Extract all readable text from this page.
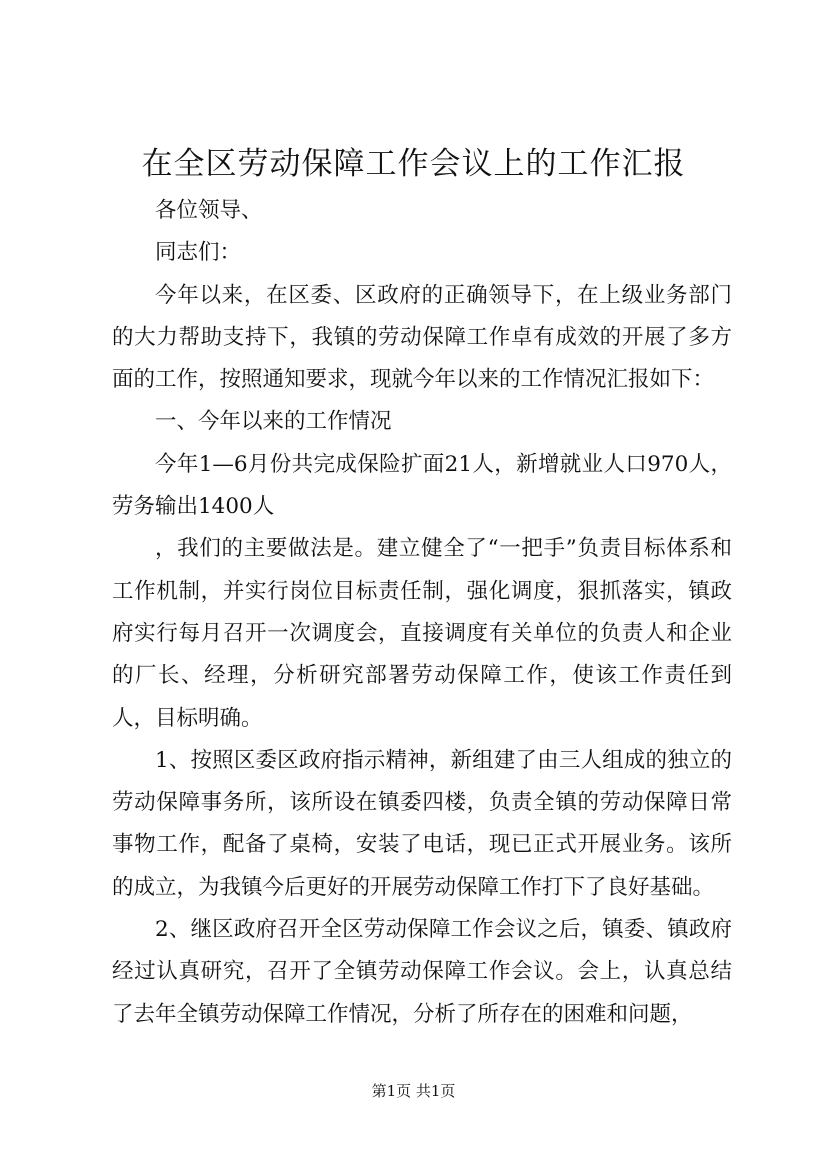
在全区劳动保障工作会议上的工作汇报

各位领导、

同志们：

今年以来，在区委、区政府的正确领导下，在上级业务部门的大力帮助支持下，我镇的劳动保障工作卓有成效的开展了多方面的工作，按照通知要求，现就今年以来的工作情况汇报如下：

一、今年以来的工作情况

今年1—6月份共完成保险扩面21人，新增就业人口970人，劳务输出1400人

，我们的主要做法是。建立健全了“一把手”负责目标体系和工作机制，并实行岗位目标责任制，强化调度，狠抓落实，镇政府实行每月召开一次调度会，直接调度有关单位的负责人和企业的厂长、经理，分析研究部署劳动保障工作，使该工作责任到人，目标明确。

1、按照区委区政府指示精神，新组建了由三人组成的独立的劳动保障事务所，该所设在镇委四楼，负责全镇的劳动保障日常事物工作，配备了桌椅，安装了电话，现已正式开展业务。该所的成立，为我镇今后更好的开展劳动保障工作打下了良好基础。

2、继区政府召开全区劳动保障工作会议之后，镇委、镇政府经过认真研究，召开了全镇劳动保障工作会议。会上，认真总结了去年全镇劳动保障工作情况，分析了所存在的困难和问题，

第1页 共1页
